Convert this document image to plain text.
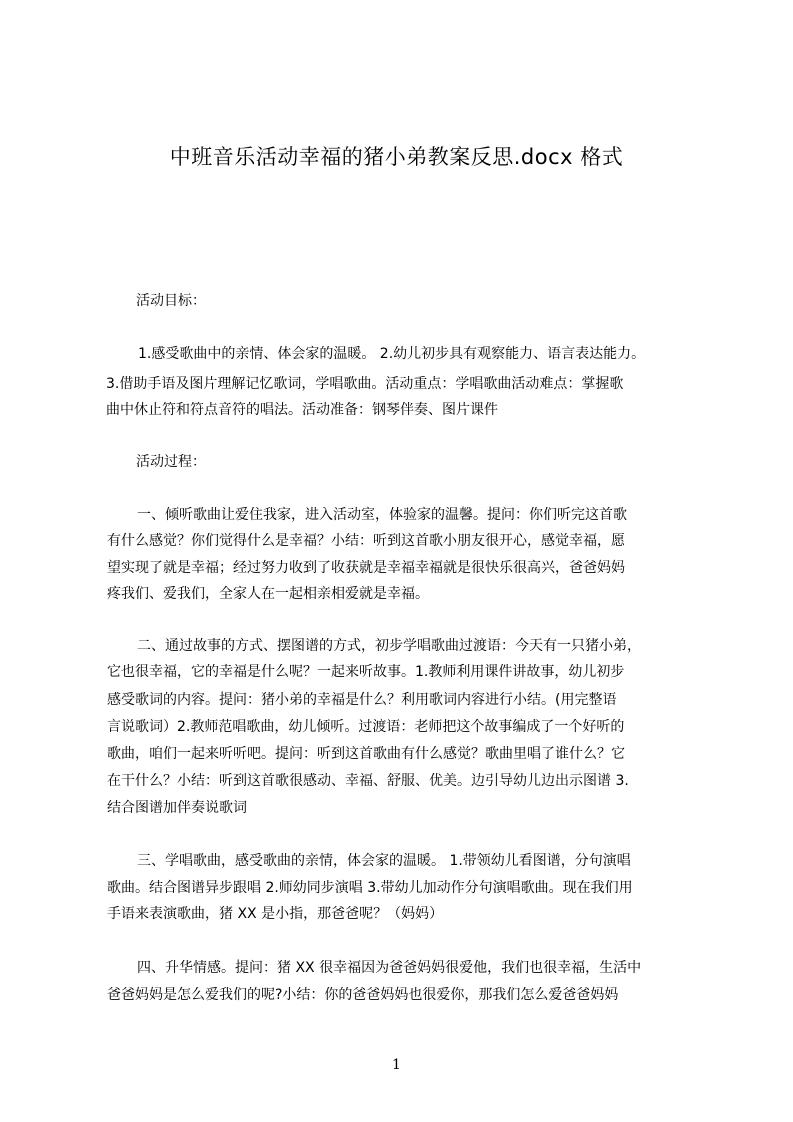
中班音乐活动幸福的猪小弟教案反思.docx 格式
活动目标：
1.感受歌曲中的亲情、体会家的温暖。 2.幼儿初步具有观察能力、语言表达能力。
3.借助手语及图片理解记忆歌词，学唱歌曲。活动重点：学唱歌曲活动难点：掌握歌
曲中休止符和符点音符的唱法。活动准备：钢琴伴奏、图片课件
活动过程：
一、倾听歌曲让爱住我家，进入活动室，体验家的温馨。提问：你们听完这首歌
有什么感觉？你们觉得什么是幸福？小结：听到这首歌小朋友很开心，感觉幸福，愿
望实现了就是幸福；经过努力收到了收获就是幸福幸福就是很快乐很高兴，爸爸妈妈
疼我们、爱我们，全家人在一起相亲相爱就是幸福。
二、通过故事的方式、摆图谱的方式，初步学唱歌曲过渡语：今天有一只猪小弟，
它也很幸福，它的幸福是什么呢？一起来听故事。1.教师利用课件讲故事，幼儿初步
感受歌词的内容。提问：猪小弟的幸福是什么？利用歌词内容进行小结。(用完整语
言说歌词）2.教师范唱歌曲，幼儿倾听。过渡语：老师把这个故事编成了一个好听的
歌曲，咱们一起来听听吧。提问：听到这首歌曲有什么感觉？歌曲里唱了谁什么？它
在干什么？小结：听到这首歌很感动、幸福、舒服、优美。边引导幼儿边出示图谱 3.
结合图谱加伴奏说歌词
三、学唱歌曲，感受歌曲的亲情，体会家的温暖。 1.带领幼儿看图谱，分句演唱
歌曲。结合图谱异步跟唱 2.师幼同步演唱 3.带幼儿加动作分句演唱歌曲。现在我们用
手语来表演歌曲，猪 XX 是小指，那爸爸呢？（妈妈）
四、升华情感。提问：猪 XX 很幸福因为爸爸妈妈很爱他，我们也很幸福，生活中
爸爸妈妈是怎么爱我们的呢?小结：你的爸爸妈妈也很爱你，那我们怎么爱爸爸妈妈
1
